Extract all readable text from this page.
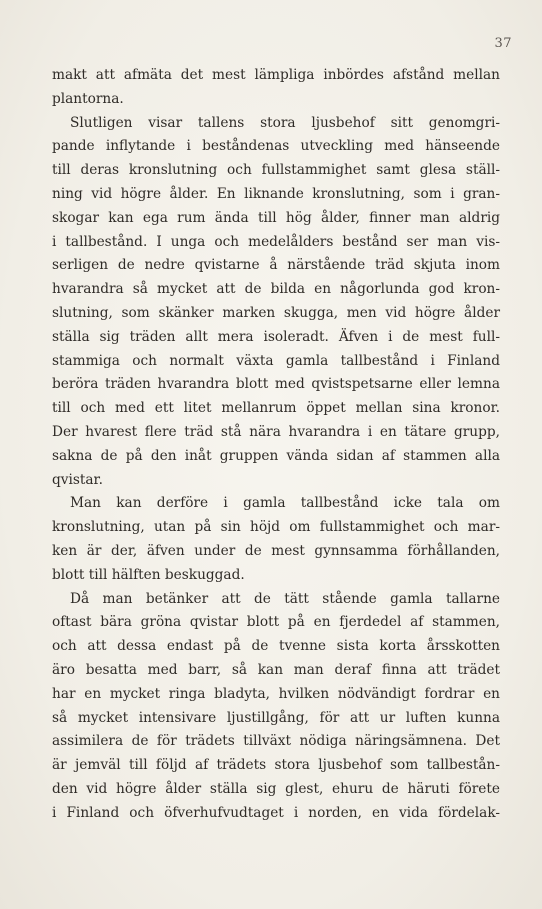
37
makt att afmäta det mest lämpliga inbördes afstånd mellan
plantorna.
Slutligen visar tallens stora ljusbehof sitt genomgri-
pande inflytande i beståndenas utveckling med hänseende
till deras kronslutning och fullstammighet samt glesa ställ-
ning vid högre ålder. En liknande kronslutning, som i gran-
skogar kan ega rum ända till hög ålder, finner man aldrig
i tallbestånd. I unga och medelålders bestånd ser man vis-
serligen de nedre qvistarne å närstående träd skjuta inom
hvarandra så mycket att de bilda en någorlunda god kron-
slutning, som skänker marken skugga, men vid högre ålder
ställa sig träden allt mera isoleradt. Äfven i de mest full-
stammiga och normalt växta gamla tallbestånd i Finland
beröra träden hvarandra blott med qvistspetsarne eller lemna
till och med ett litet mellanrum öppet mellan sina kronor.
Der hvarest flere träd stå nära hvarandra i en tätare grupp,
sakna de på den inåt gruppen vända sidan af stammen alla
qvistar.
Man kan derföre i gamla tallbestånd icke tala om
kronslutning, utan på sin höjd om fullstammighet och mar-
ken är der, äfven under de mest gynnsamma förhållanden,
blott till hälften beskuggad.
Då man betänker att de tätt stående gamla tallarne
oftast bära gröna qvistar blott på en fjerdedel af stammen,
och att dessa endast på de tvenne sista korta årsskotten
äro besatta med barr, så kan man deraf finna att trädet
har en mycket ringa bladyta, hvilken nödvändigt fordrar en
så mycket intensivare ljustillgång, för att ur luften kunna
assimilera de för trädets tillväxt nödiga näringsämnena. Det
är jemväl till följd af trädets stora ljusbehof som tallbestån-
den vid högre ålder ställa sig glest, ehuru de häruti förete
i Finland och öfverhufvudtaget i norden, en vida fördelak-
